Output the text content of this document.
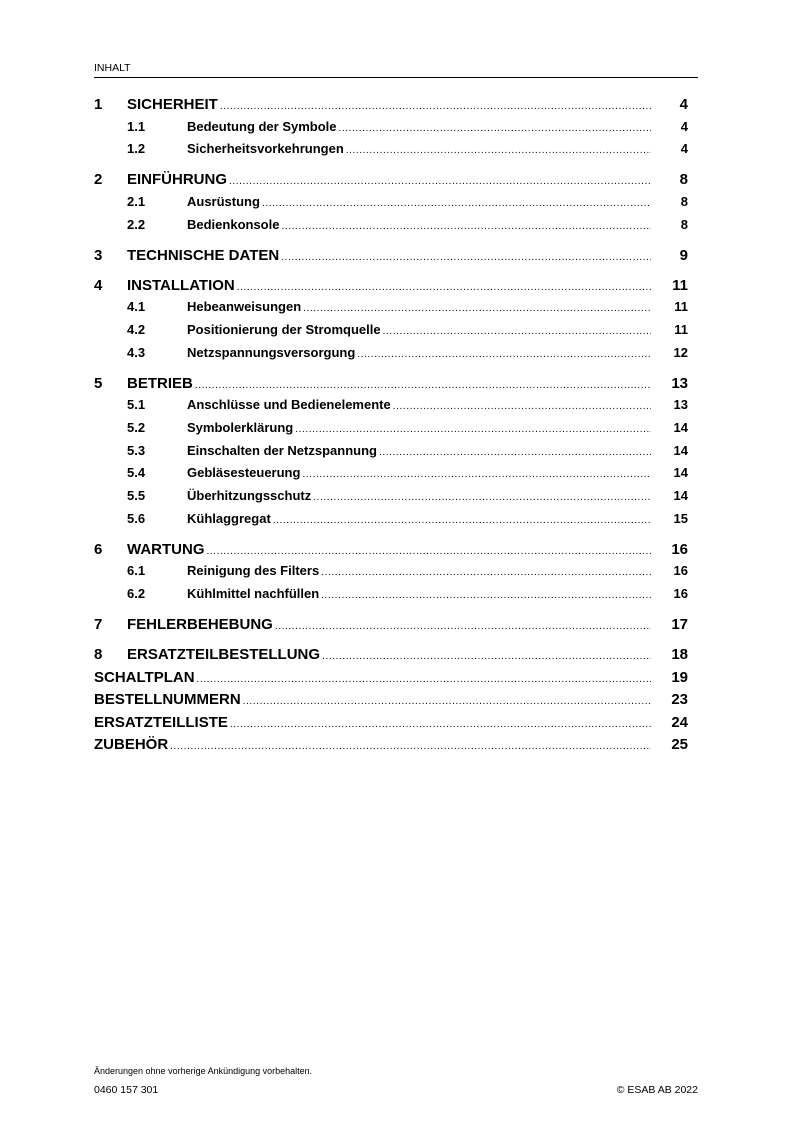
INHALT
1	SICHERHEIT .....	4
1.1	Bedeutung der Symbole .....	4
1.2	Sicherheitsvorkehrungen .....	4
2	EINFÜHRUNG .....	8
2.1	Ausrüstung .....	8
2.2	Bedienkonsole .....	8
3	TECHNISCHE DATEN .....	9
4	INSTALLATION .....	11
4.1	Hebeanweisungen .....	11
4.2	Positionierung der Stromquelle .....	11
4.3	Netzspannungsversorgung .....	12
5	BETRIEB .....	13
5.1	Anschlüsse und Bedienelemente .....	13
5.2	Symbolerklärung .....	14
5.3	Einschalten der Netzspannung .....	14
5.4	Gebläsesteuerung .....	14
5.5	Überhitzungsschutz .....	14
5.6	Kühlaggregat .....	15
6	WARTUNG .....	16
6.1	Reinigung des Filters .....	16
6.2	Kühlmittel nachfüllen .....	16
7	FEHLERBEHEBUNG .....	17
8	ERSATZTEILBESTELLUNG .....	18
SCHALTPLAN .....	19
BESTELLNUMMERN .....	23
ERSATZTEILLISTE .....	24
ZUBEHÖR .....	25
Änderungen ohne vorherige Ankündigung vorbehalten.
0460 157 301	© ESAB AB 2022
